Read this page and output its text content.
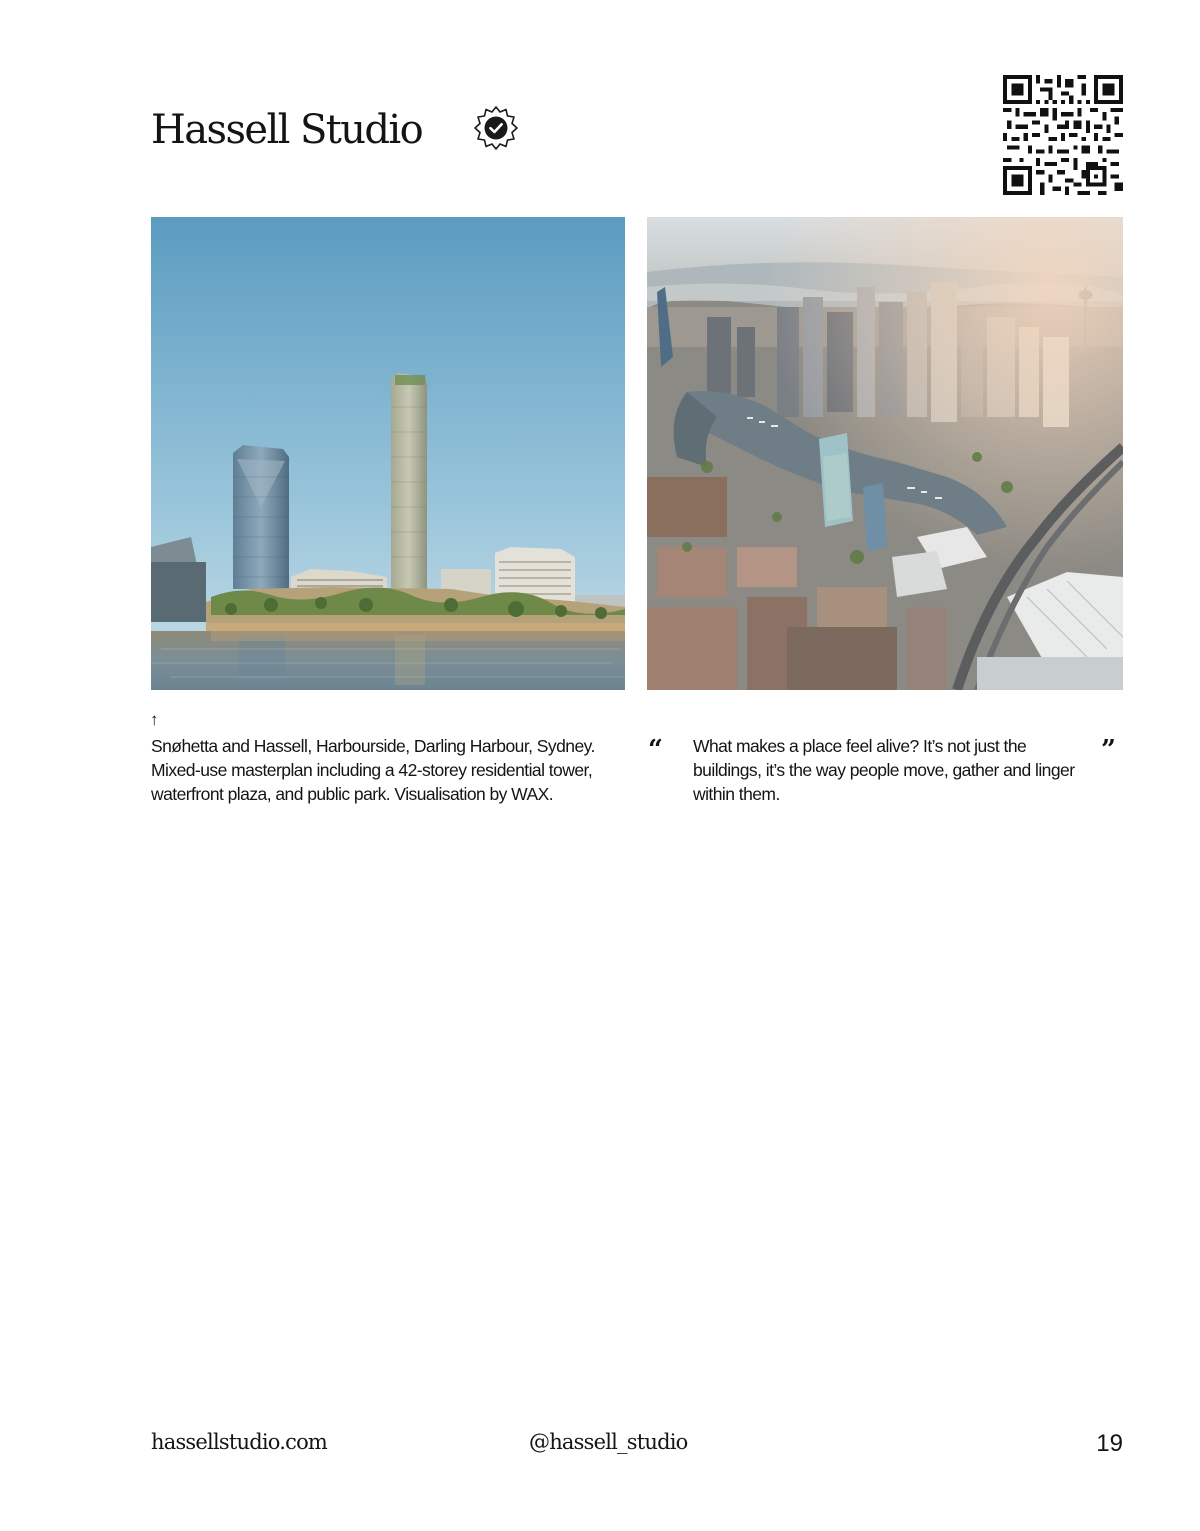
Hassell Studio
↑

Snøhetta and Hassell, Harbourside, Darling Harbour, Sydney. Mixed-use masterplan including a 42-storey residential tower, waterfront plaza, and public park. Visualisation by WAX.

“ What makes a place feel alive? It’s not just the buildings, it’s the way people move, gather and linger within them.

”
hassellstudio.com	@hassell_studio	19
